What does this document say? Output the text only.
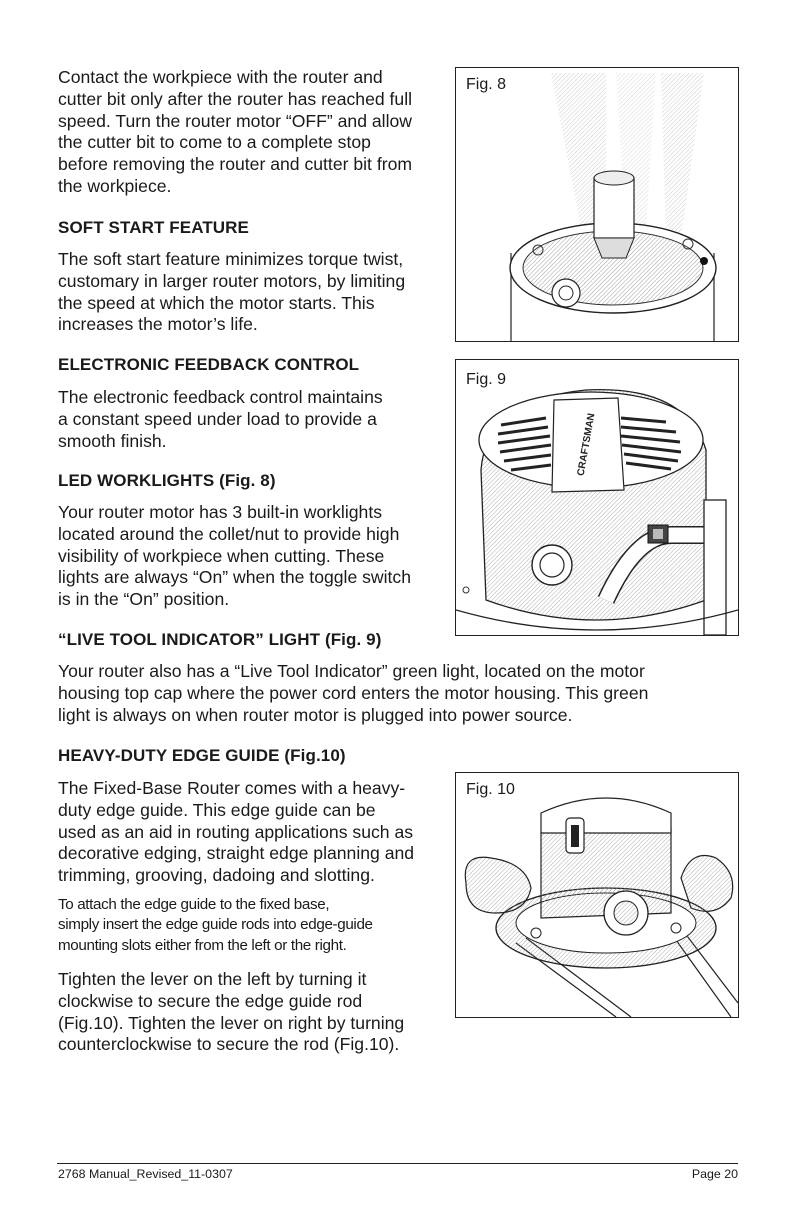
Contact the workpiece with the router and

cutter bit only after the router has reached full

speed. Turn the router motor “OFF” and allow

the cutter bit to come to a complete stop

before removing the router and cutter bit from

the workpiece.

SOFT START FEATURE

The soft start feature minimizes torque twist,

customary in larger router motors, by limiting

the speed at which the motor starts. This

increases the motor’s life.

ELECTRONIC FEEDBACK CONTROL

The electronic feedback control maintains

a constant speed under load to provide a

smooth finish.

LED WORKLIGHTS (Fig. 8)

Your router motor has 3 built-in worklights

located around the collet/nut to provide high

visibility of workpiece when cutting. These

lights are always “On” when the toggle switch

is in the “On” position.

“LIVE TOOL INDICATOR” LIGHT (Fig. 9)

Your router also has a “Live Tool Indicator” green light, located on the motor

housing top cap where the power cord enters the motor housing. This green

light is always on when router motor is plugged into power source.

HEAVY-DUTY EDGE GUIDE (Fig.10)

The Fixed-Base Router comes with a heavy-

duty edge guide. This edge guide can be

used as an aid in routing applications such as

decorative edging, straight edge planning and

trimming, grooving, dadoing and slotting.

To attach the edge guide to the fixed base,

simply insert the edge guide rods into edge-guide

mounting slots either from the left or the right.

Tighten the lever on the left by turning it

clockwise to secure the edge guide rod

(Fig.10). Tighten the lever on right by turning

counterclockwise to secure the rod (Fig.10).

Fig. 8
CRAFTSMAN
Fig. 9
Fig. 10
2768 Manual_Revised_11-0307	Page 20
